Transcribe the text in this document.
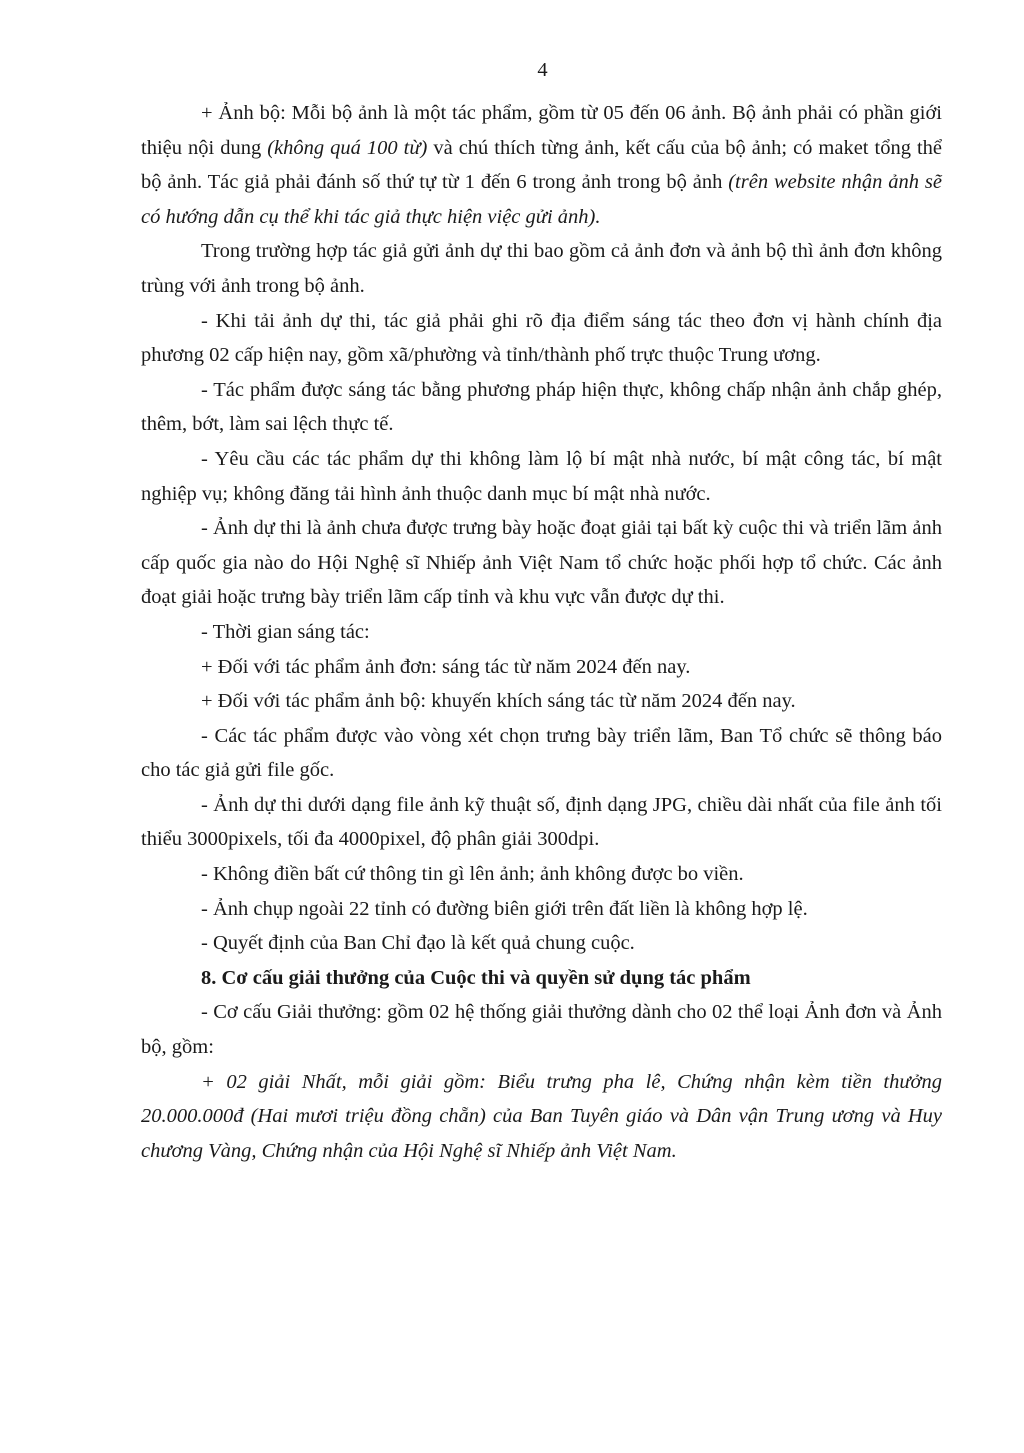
4

+ Ảnh bộ: Mỗi bộ ảnh là một tác phẩm, gồm từ 05 đến 06 ảnh. Bộ ảnh phải có phần giới thiệu nội dung (không quá 100 từ) và chú thích từng ảnh, kết cấu của bộ ảnh; có maket tổng thể bộ ảnh. Tác giả phải đánh số thứ tự từ 1 đến 6 trong ảnh trong bộ ảnh (trên website nhận ảnh sẽ có hướng dẫn cụ thể khi tác giả thực hiện việc gửi ảnh).

Trong trường hợp tác giả gửi ảnh dự thi bao gồm cả ảnh đơn và ảnh bộ thì ảnh đơn không trùng với ảnh trong bộ ảnh.

- Khi tải ảnh dự thi, tác giả phải ghi rõ địa điểm sáng tác theo đơn vị hành chính địa phương 02 cấp hiện nay, gồm xã/phường và tỉnh/thành phố trực thuộc Trung ương.

- Tác phẩm được sáng tác bằng phương pháp hiện thực, không chấp nhận ảnh chắp ghép, thêm, bớt, làm sai lệch thực tế.

- Yêu cầu các tác phẩm dự thi không làm lộ bí mật nhà nước, bí mật công tác, bí mật nghiệp vụ; không đăng tải hình ảnh thuộc danh mục bí mật nhà nước.

- Ảnh dự thi là ảnh chưa được trưng bày hoặc đoạt giải tại bất kỳ cuộc thi và triển lãm ảnh cấp quốc gia nào do Hội Nghệ sĩ Nhiếp ảnh Việt Nam tổ chức hoặc phối hợp tổ chức. Các ảnh đoạt giải hoặc trưng bày triển lãm cấp tỉnh và khu vực vẫn được dự thi.

- Thời gian sáng tác:

+ Đối với tác phẩm ảnh đơn: sáng tác từ năm 2024 đến nay.

+ Đối với tác phẩm ảnh bộ: khuyến khích sáng tác từ năm 2024 đến nay.

- Các tác phẩm được vào vòng xét chọn trưng bày triển lãm, Ban Tổ chức sẽ thông báo cho tác giả gửi file gốc.

- Ảnh dự thi dưới dạng file ảnh kỹ thuật số, định dạng JPG, chiều dài nhất của file ảnh tối thiểu 3000pixels, tối đa 4000pixel, độ phân giải 300dpi.

- Không điền bất cứ thông tin gì lên ảnh; ảnh không được bo viền.

- Ảnh chụp ngoài 22 tỉnh có đường biên giới trên đất liền là không hợp lệ.

- Quyết định của Ban Chỉ đạo là kết quả chung cuộc.

8. Cơ cấu giải thưởng của Cuộc thi và quyền sử dụng tác phẩm

- Cơ cấu Giải thưởng: gồm 02 hệ thống giải thưởng dành cho 02 thể loại Ảnh đơn và Ảnh bộ, gồm:

+ 02 giải Nhất, mỗi giải gồm: Biểu trưng pha lê, Chứng nhận kèm tiền thưởng 20.000.000đ (Hai mươi triệu đồng chẵn) của Ban Tuyên giáo và Dân vận Trung ương và Huy chương Vàng, Chứng nhận của Hội Nghệ sĩ Nhiếp ảnh Việt Nam.
